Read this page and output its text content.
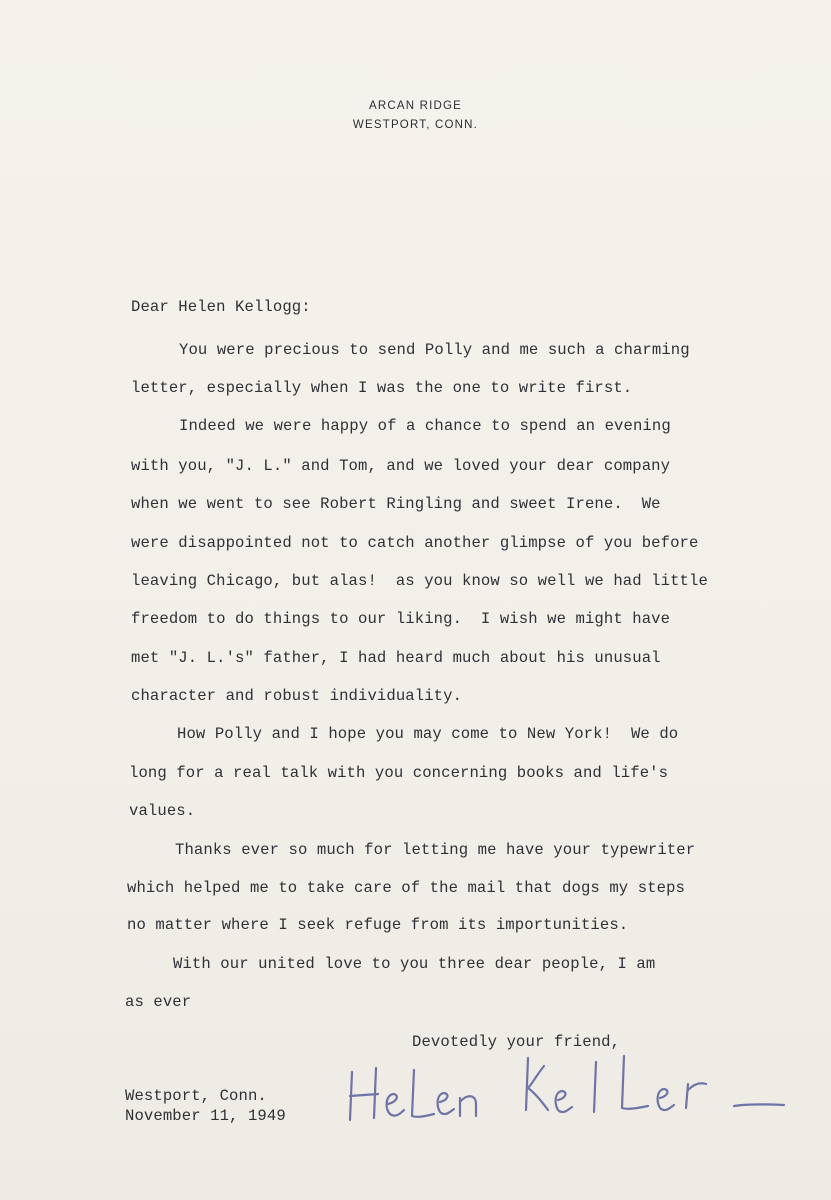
ARCAN RIDGE
WESTPORT, CONN.
Dear Helen Kellogg:
You were precious to send Polly and me such a charming
letter, especially when I was the one to write first.
Indeed we were happy of a chance to spend an evening
with you, "J. L." and Tom, and we loved your dear company
when we went to see Robert Ringling and sweet Irene.  We
were disappointed not to catch another glimpse of you before
leaving Chicago, but alas!  as you know so well we had little
freedom to do things to our liking.  I wish we might have
met "J. L.'s" father, I had heard much about his unusual
character and robust individuality.
How Polly and I hope you may come to New York!  We do
long for a real talk with you concerning books and life's
values.
Thanks ever so much for letting me have your typewriter
which helped me to take care of the mail that dogs my steps
no matter where I seek refuge from its importunities.
With our united love to you three dear people, I am
as ever
Devotedly your friend,
Westport, Conn.
November 11, 1949
